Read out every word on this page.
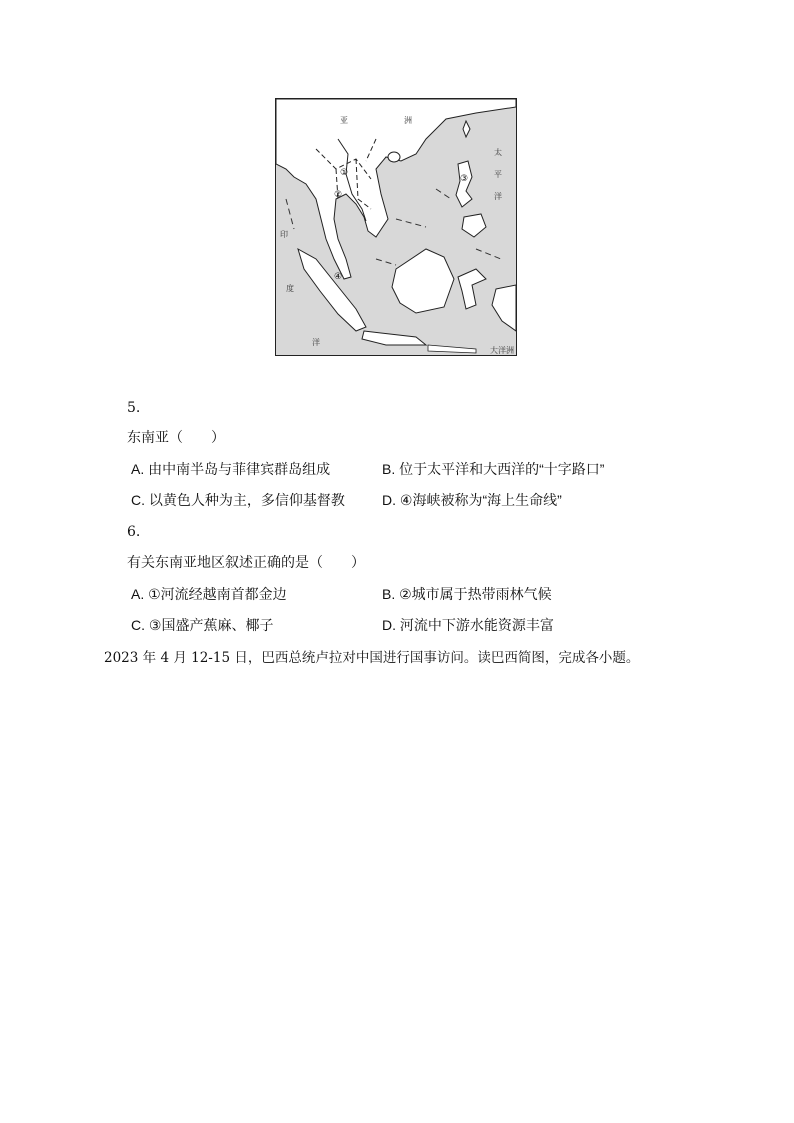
亚	洲
太
平
洋
印
度
洋
大洋洲
①
②
③
④
5.
东南亚（　　）
A. 由中南半岛与菲律宾群岛组成	B. 位于太平洋和大西洋的“十字路口”
C. 以黄色人种为主，多信仰基督教	D. ④海峡被称为“海上生命线”
6.
有关东南亚地区叙述正确的是（　　）
A. ①河流经越南首都金边	B. ②城市属于热带雨林气候
C. ③国盛产蕉麻、椰子	D. 河流中下游水能资源丰富
2023 年 4 月 12-15 日，巴西总统卢拉对中国进行国事访问。读巴西简图，完成各小题。
